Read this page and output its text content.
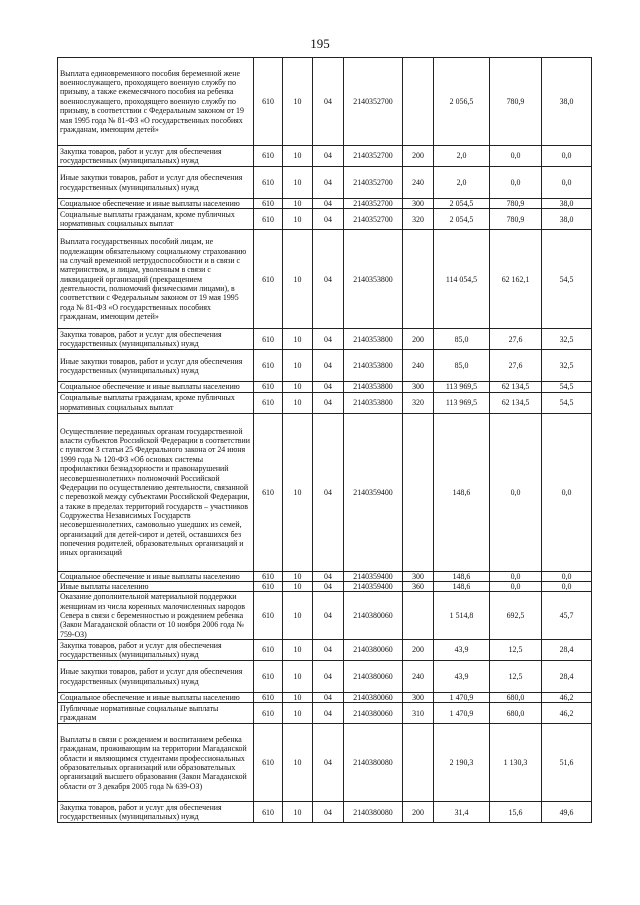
195
Выплата единовременного пособия беременной жене военнослужащего, проходящего военную службу по призыву, а также ежемесячного пособия на ребенка военнослужащего, проходящего военную службу по призыву, в соответствии с Федеральным законом от 19 мая 1995 года № 81-ФЗ «О государственных пособиях гражданам, имеющим детей»	610	10	04	2140352700		2 056,5	780,9	38,0
Закупка товаров, работ и услуг для обеспечения государственных (муниципальных) нужд	610	10	04	2140352700	200	2,0	0,0	0,0
Иные закупки товаров, работ и услуг для обеспечения государственных (муниципальных) нужд	610	10	04	2140352700	240	2,0	0,0	0,0
Социальное обеспечение и иные выплаты населению	610	10	04	2140352700	300	2 054,5	780,9	38,0
Социальные выплаты гражданам, кроме публичных нормативных социальных выплат	610	10	04	2140352700	320	2 054,5	780,9	38,0
Выплата государственных пособий лицам, не подлежащим обязательному социальному страхованию на случай временной нетрудоспособности и в связи с материнством, и лицам, уволенным в связи с ликвидацией организаций (прекращением деятельности, полномочий физическими лицами), в соответствии с Федеральным законом от 19 мая 1995 года № 81-ФЗ «О государственных пособиях гражданам, имеющим детей»	610	10	04	2140353800		114 054,5	62 162,1	54,5
Закупка товаров, работ и услуг для обеспечения государственных (муниципальных) нужд	610	10	04	2140353800	200	85,0	27,6	32,5
Иные закупки товаров, работ и услуг для обеспечения государственных (муниципальных) нужд	610	10	04	2140353800	240	85,0	27,6	32,5
Социальное обеспечение и иные выплаты населению	610	10	04	2140353800	300	113 969,5	62 134,5	54,5
Социальные выплаты гражданам, кроме публичных нормативных социальных выплат	610	10	04	2140353800	320	113 969,5	62 134,5	54,5
Осуществление переданных органам государственной власти субъектов Российской Федерации в соответствии с пунктом 3 статьи 25 Федерального закона от 24 июня 1999 года № 120-ФЗ «Об основах системы профилактики безнадзорности и правонарушений несовершеннолетних» полномочий Российской Федерации по осуществлению деятельности, связанной с перевозкой между субъектами Российской Федерации, а также в пределах территорий государств – участников Содружества Независимых Государств несовершеннолетних, самовольно ушедших из семей, организаций для детей-сирот и детей, оставшихся без попечения родителей, образовательных организаций и иных организаций	610	10	04	2140359400		148,6	0,0	0,0
Социальное обеспечение и иные выплаты населению	610	10	04	2140359400	300	148,6	0,0	0,0
Иные выплаты населению	610	10	04	2140359400	360	148,6	0,0	0,0
Оказание дополнительной материальной поддержки женщинам из числа коренных малочисленных народов Севера в связи с беременностью и рождением ребенка (Закон Магаданской области от 10 ноября 2006 года № 759-ОЗ)	610	10	04	2140380060		1 514,8	692,5	45,7
Закупка товаров, работ и услуг для обеспечения государственных (муниципальных) нужд	610	10	04	2140380060	200	43,9	12,5	28,4
Иные закупки товаров, работ и услуг для обеспечения государственных (муниципальных) нужд	610	10	04	2140380060	240	43,9	12,5	28,4
Социальное обеспечение и иные выплаты населению	610	10	04	2140380060	300	1 470,9	680,0	46,2
Публичные нормативные социальные выплаты гражданам	610	10	04	2140380060	310	1 470,9	680,0	46,2
Выплаты в связи с рождением и воспитанием ребенка гражданам, проживающим на территории Магаданской области и являющимся студентами профессиональных образовательных организаций или образовательных организаций высшего образования (Закон Магаданской области от 3 декабря 2005 года № 639-ОЗ)	610	10	04	2140380080		2 190,3	1 130,3	51,6
Закупка товаров, работ и услуг для обеспечения государственных (муниципальных) нужд	610	10	04	2140380080	200	31,4	15,6	49,6
